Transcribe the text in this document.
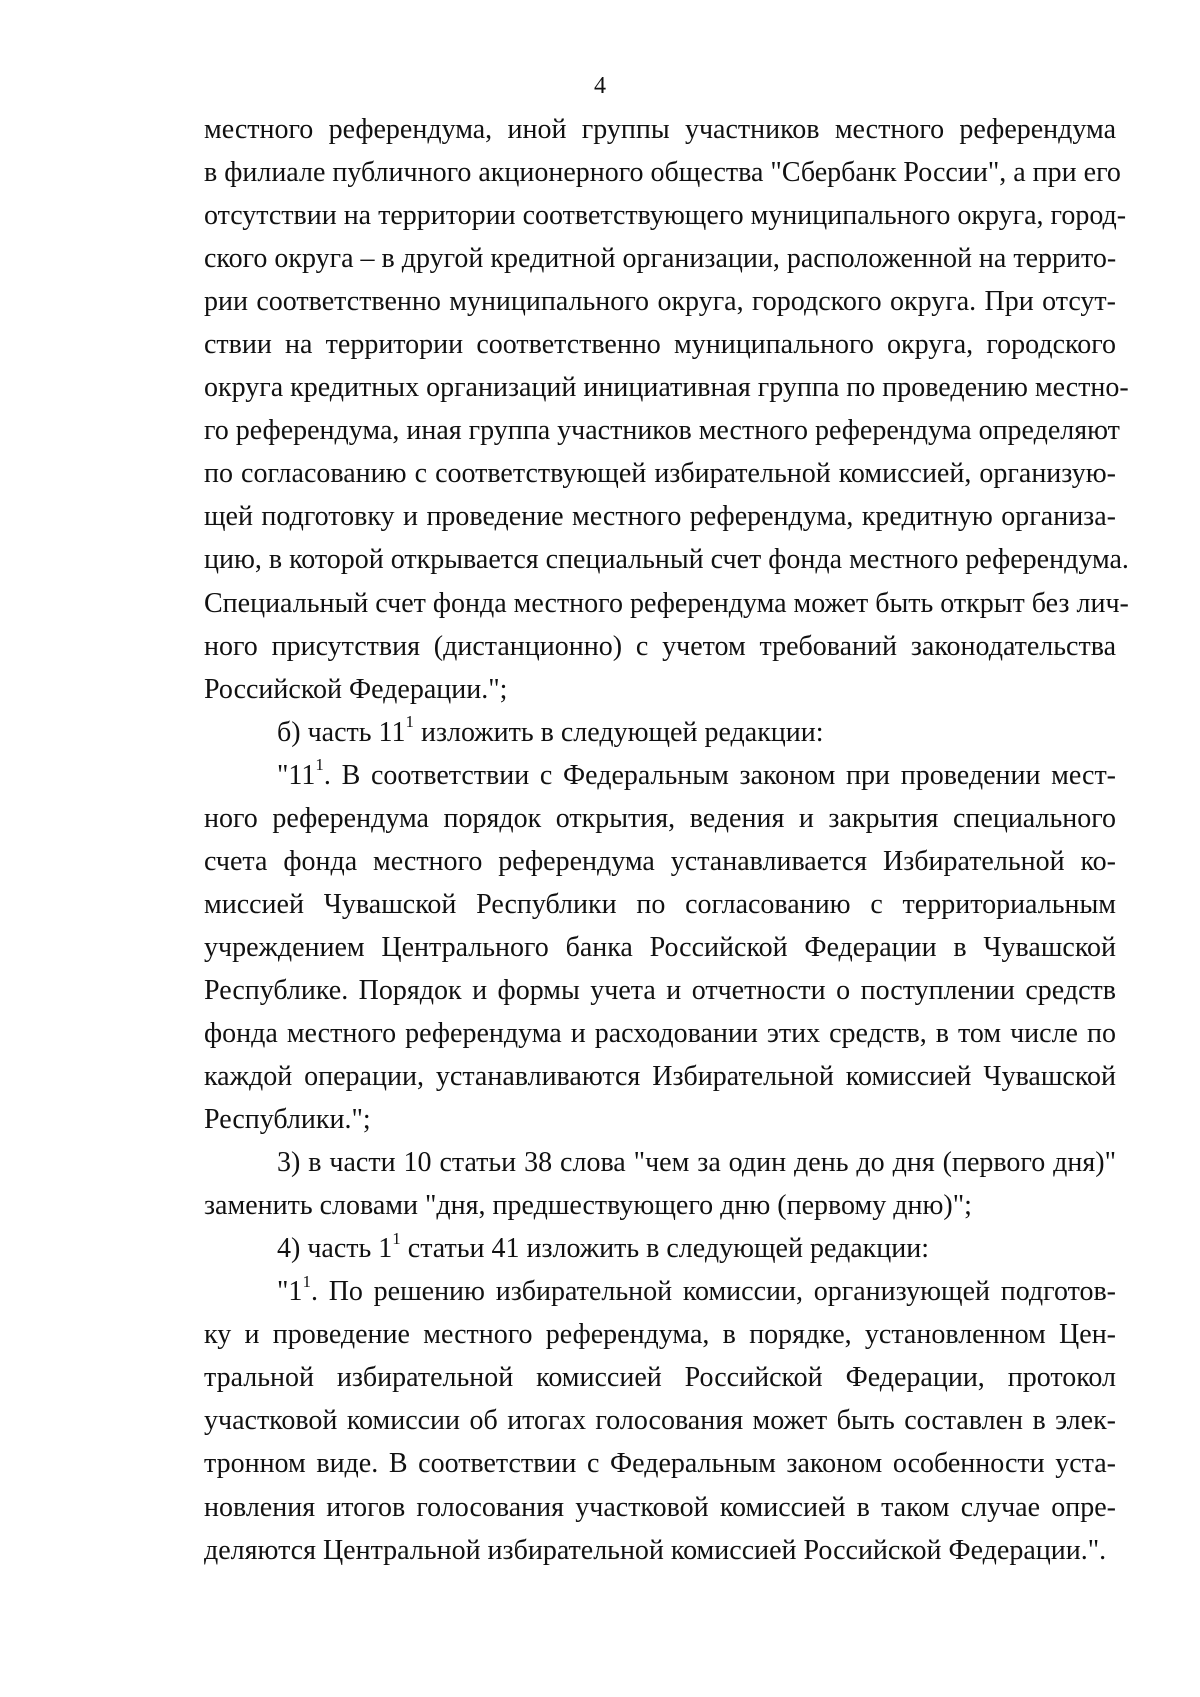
4
местного референдума, иной группы участников местного референдума
в филиале публичного акционерного общества "Сбербанк России", а при его
отсутствии на территории соответствующего муниципального округа, город-
ского округа – в другой кредитной организации, расположенной на террито-
рии соответственно муниципального округа, городского округа. При отсут-
ствии на территории соответственно муниципального округа, городского
округа кредитных организаций инициативная группа по проведению местно-
го референдума, иная группа участников местного референдума определяют
по согласованию с соответствующей избирательной комиссией, организую-
щей подготовку и проведение местного референдума, кредитную организа-
цию, в которой открывается специальный счет фонда местного референдума.
Специальный счет фонда местного референдума может быть открыт без лич-
ного присутствия (дистанционно) с учетом требований законодательства
Российской Федерации.";
б) часть $11^1$ изложить в следующей редакции:
"$11^1$. В соответствии с Федеральным законом при проведении мест-
ного референдума порядок открытия, ведения и закрытия специального
счета фонда местного референдума устанавливается Избирательной ко-
миссией Чувашской Республики по согласованию с территориальным
учреждением Центрального банка Российской Федерации в Чувашской
Республике. Порядок и формы учета и отчетности о поступлении средств
фонда местного референдума и расходовании этих средств, в том числе по
каждой операции, устанавливаются Избирательной комиссией Чувашской
Республики.";
3) в части 10 статьи 38 слова "чем за один день до дня (первого дня)"
заменить словами "дня, предшествующего дню (первому дню)";
4) часть $1^1$ статьи 41 изложить в следующей редакции:
"$1^1$. По решению избирательной комиссии, организующей подготов-
ку и проведение местного референдума, в порядке, установленном Цен-
тральной избирательной комиссией Российской Федерации, протокол
участковой комиссии об итогах голосования может быть составлен в элек-
тронном виде. В соответствии с Федеральным законом особенности уста-
новления итогов голосования участковой комиссией в таком случае опре-
деляются Центральной избирательной комиссией Российской Федерации.".
